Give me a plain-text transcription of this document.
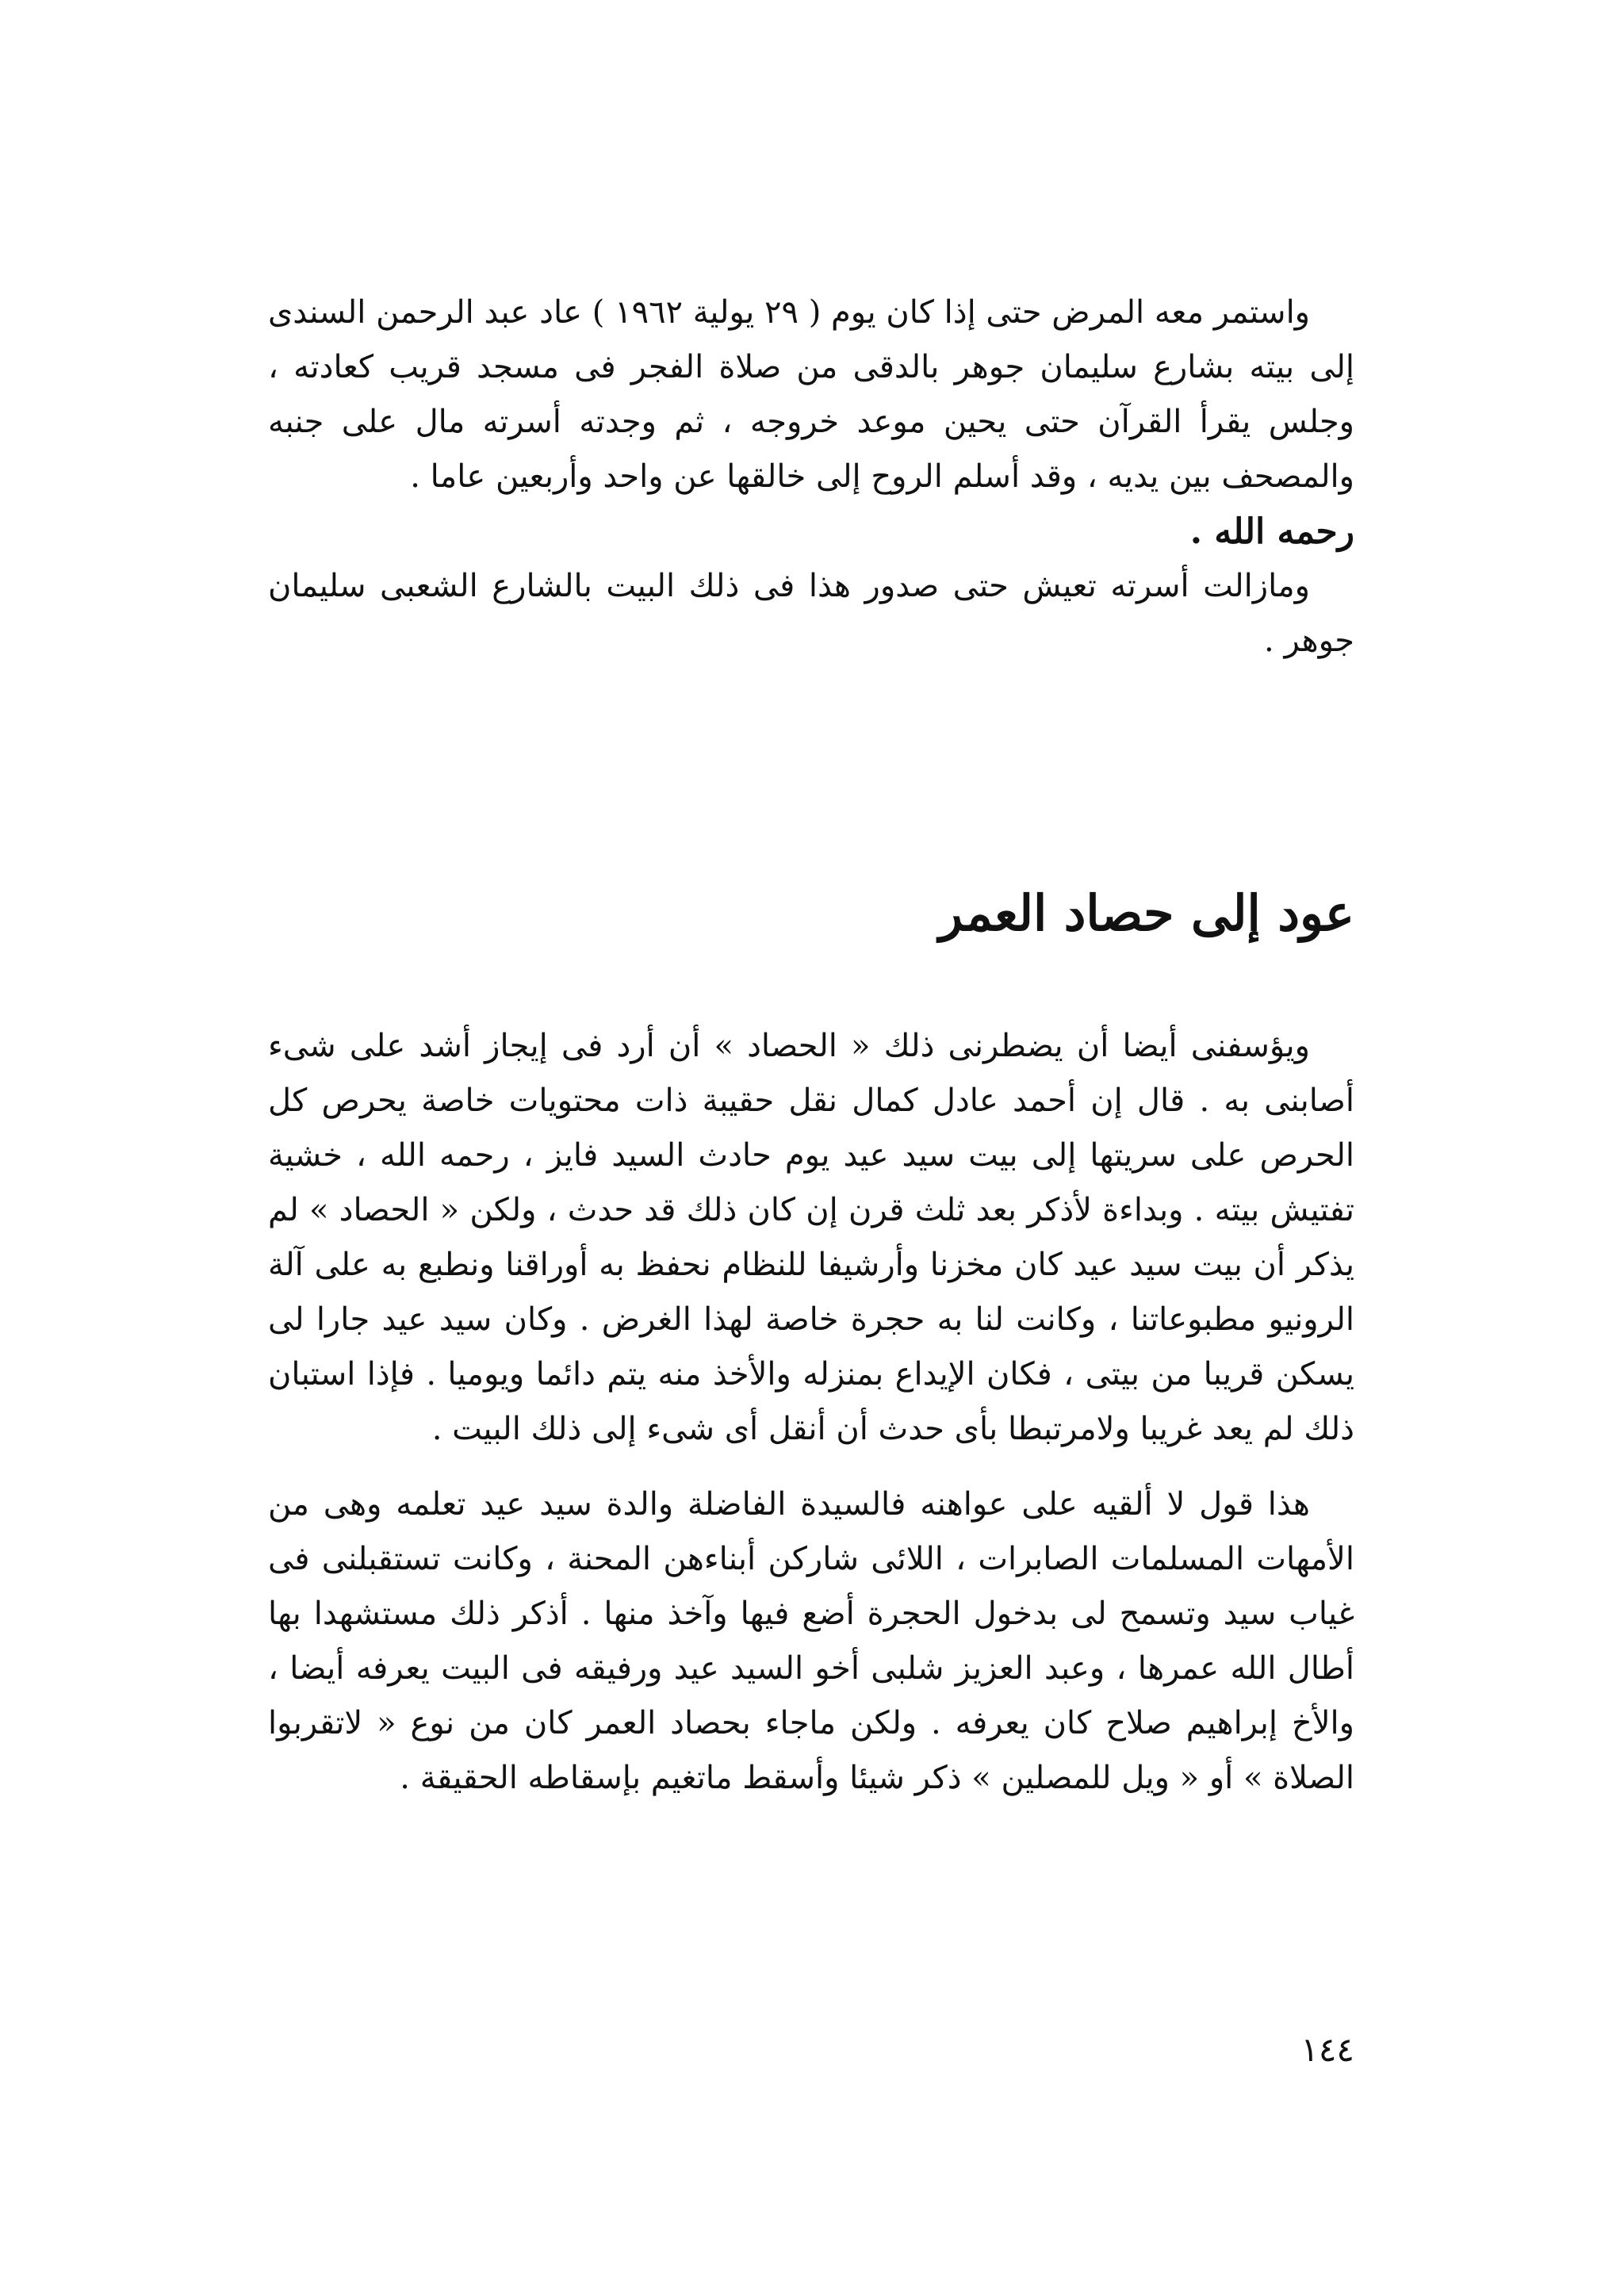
واستمر معه المرض حتى إذا كان يوم ( ٢٩ يولية ١٩٦٢ ) عاد عبد الرحمن السندى إلى بيته بشارع سليمان جوهر بالدقى من صلاة الفجر فى مسجد قريب كعادته ، وجلس يقرأ القرآن حتى يحين موعد خروجه ، ثم وجدته أسرته مال على جنبه والمصحف بين يديه ، وقد أسلم الروح إلى خالقها عن واحد وأربعين عاما .

رحمه الله .

ومازالت أسرته تعيش حتى صدور هذا فى ذلك البيت بالشارع الشعبى سليمان جوهر .

عود إلى حصاد العمر

ويؤسفنى أيضا أن يضطرنى ذلك « الحصاد » أن أرد فى إيجاز أشد على شىء أصابنى به . قال إن أحمد عادل كمال نقل حقيبة ذات محتويات خاصة يحرص كل الحرص على سريتها إلى بيت سيد عيد يوم حادث السيد فايز ، رحمه الله ، خشية تفتيش بيته . وبداءة لأذكر بعد ثلث قرن إن كان ذلك قد حدث ، ولكن « الحصاد » لم يذكر أن بيت سيد عيد كان مخزنا وأرشيفا للنظام نحفظ به أوراقنا ونطبع به على آلة الرونيو مطبوعاتنا ، وكانت لنا به حجرة خاصة لهذا الغرض . وكان سيد عيد جارا لى يسكن قريبا من بيتى ، فكان الإيداع بمنزله والأخذ منه يتم دائما ويوميا . فإذا استبان ذلك لم يعد غريبا ولامرتبطا بأى حدث أن أنقل أى شىء إلى ذلك البيت .

هذا قول لا ألقيه على عواهنه فالسيدة الفاضلة والدة سيد عيد تعلمه وهى من الأمهات المسلمات الصابرات ، اللائى شاركن أبناءهن المحنة ، وكانت تستقبلنى فى غياب سيد وتسمح لى بدخول الحجرة أضع فيها وآخذ منها . أذكر ذلك مستشهدا بها أطال الله عمرها ، وعبد العزيز شلبى أخو السيد عيد ورفيقه فى البيت يعرفه أيضا ، والأخ إبراهيم صلاح كان يعرفه . ولكن ماجاء بحصاد العمر كان من نوع « لاتقربوا الصلاة » أو « ويل للمصلين » ذكر شيئا وأسقط ماتغيم بإسقاطه الحقيقة .

١٤٤
